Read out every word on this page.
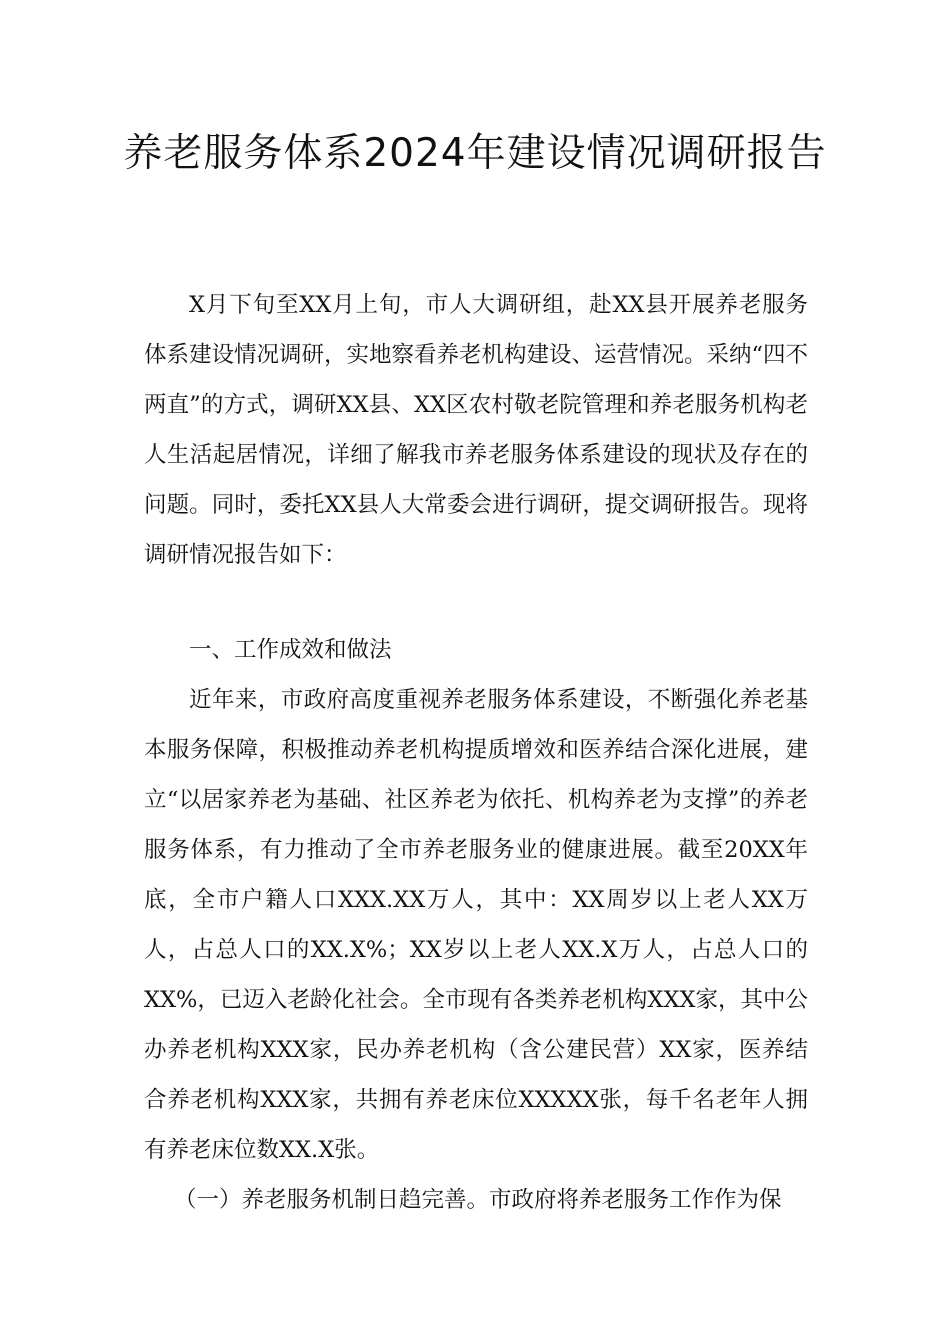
养老服务体系2024年建设情况调研报告

X月下旬至XX月上旬，市人大调研组，赴XX县开展养老服务体系建设情况调研，实地察看养老机构建设、运营情况。采纳“四不两直”的方式，调研XX县、XX区农村敬老院管理和养老服务机构老人生活起居情况，详细了解我市养老服务体系建设的现状及存在的问题。同时，委托XX县人大常委会进行调研，提交调研报告。现将调研情况报告如下：

一、工作成效和做法

近年来，市政府高度重视养老服务体系建设，不断强化养老基本服务保障，积极推动养老机构提质增效和医养结合深化进展，建立“以居家养老为基础、社区养老为依托、机构养老为支撑”的养老服务体系，有力推动了全市养老服务业的健康进展。截至20XX年底，全市户籍人口XXX.XX万人，其中：XX周岁以上老人XX万人，占总人口的XX.X%；XX岁以上老人XX.X万人，占总人口的XX%，已迈入老龄化社会。全市现有各类养老机构XXX家，其中公办养老机构XXX家，民办养老机构（含公建民营）XX家，医养结合养老机构XXX家，共拥有养老床位XXXXX张，每千名老年人拥有养老床位数XX.X张。

（一）养老服务机制日趋完善。市政府将养老服务工作作为保
